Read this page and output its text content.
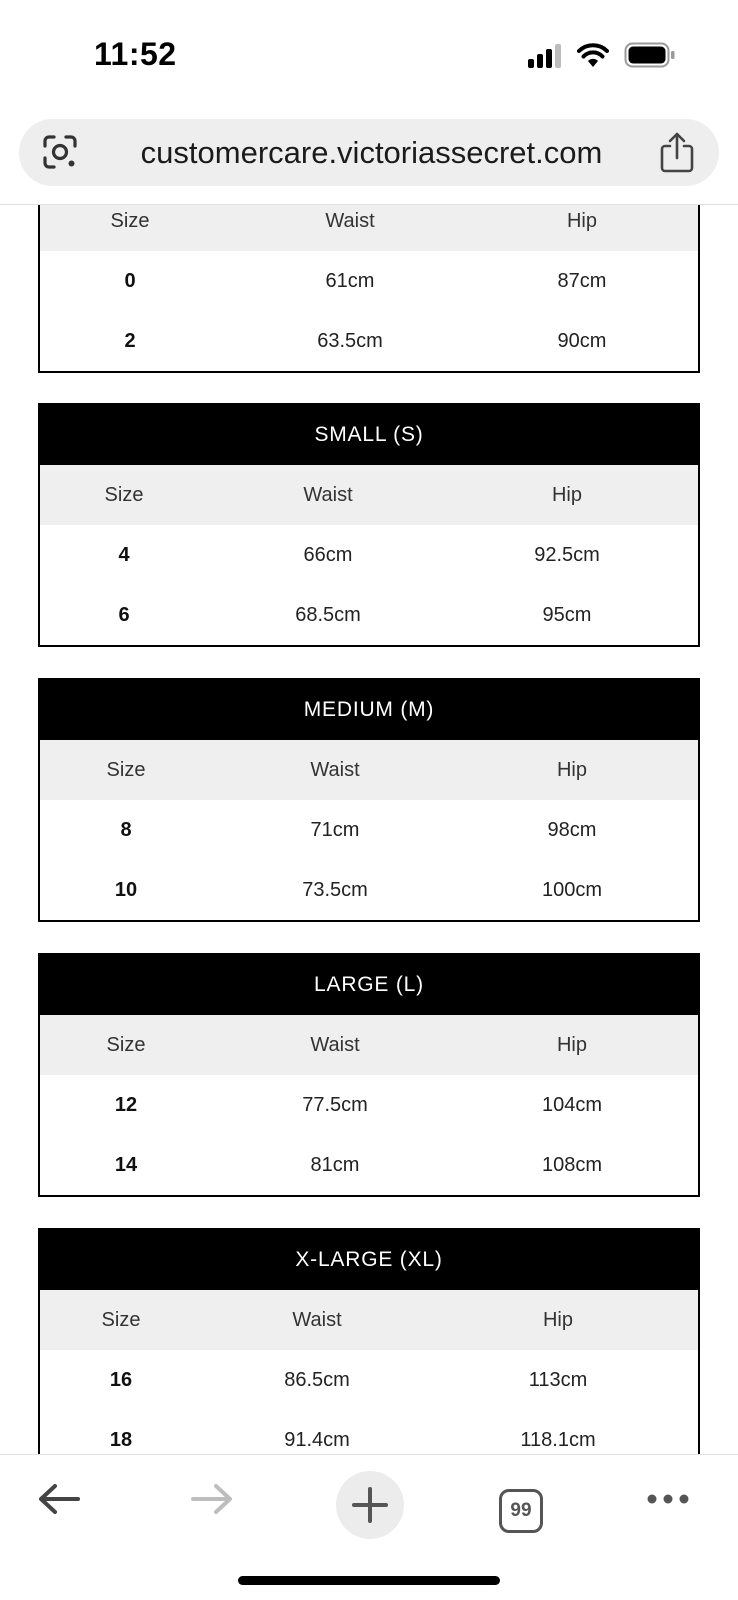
11:52
customercare.victoriassecret.com
Size	Waist	Hip
0	61cm	87cm
2	63.5cm	90cm
SMALL (S)
Size	Waist	Hip
4	66cm	92.5cm
6	68.5cm	95cm
MEDIUM (M)
Size	Waist	Hip
8	71cm	98cm
10	73.5cm	100cm
LARGE (L)
Size	Waist	Hip
12	77.5cm	104cm
14	81cm	108cm
X-LARGE (XL)
Size	Waist	Hip
16	86.5cm	113cm
18	91.4cm	118.1cm
99
